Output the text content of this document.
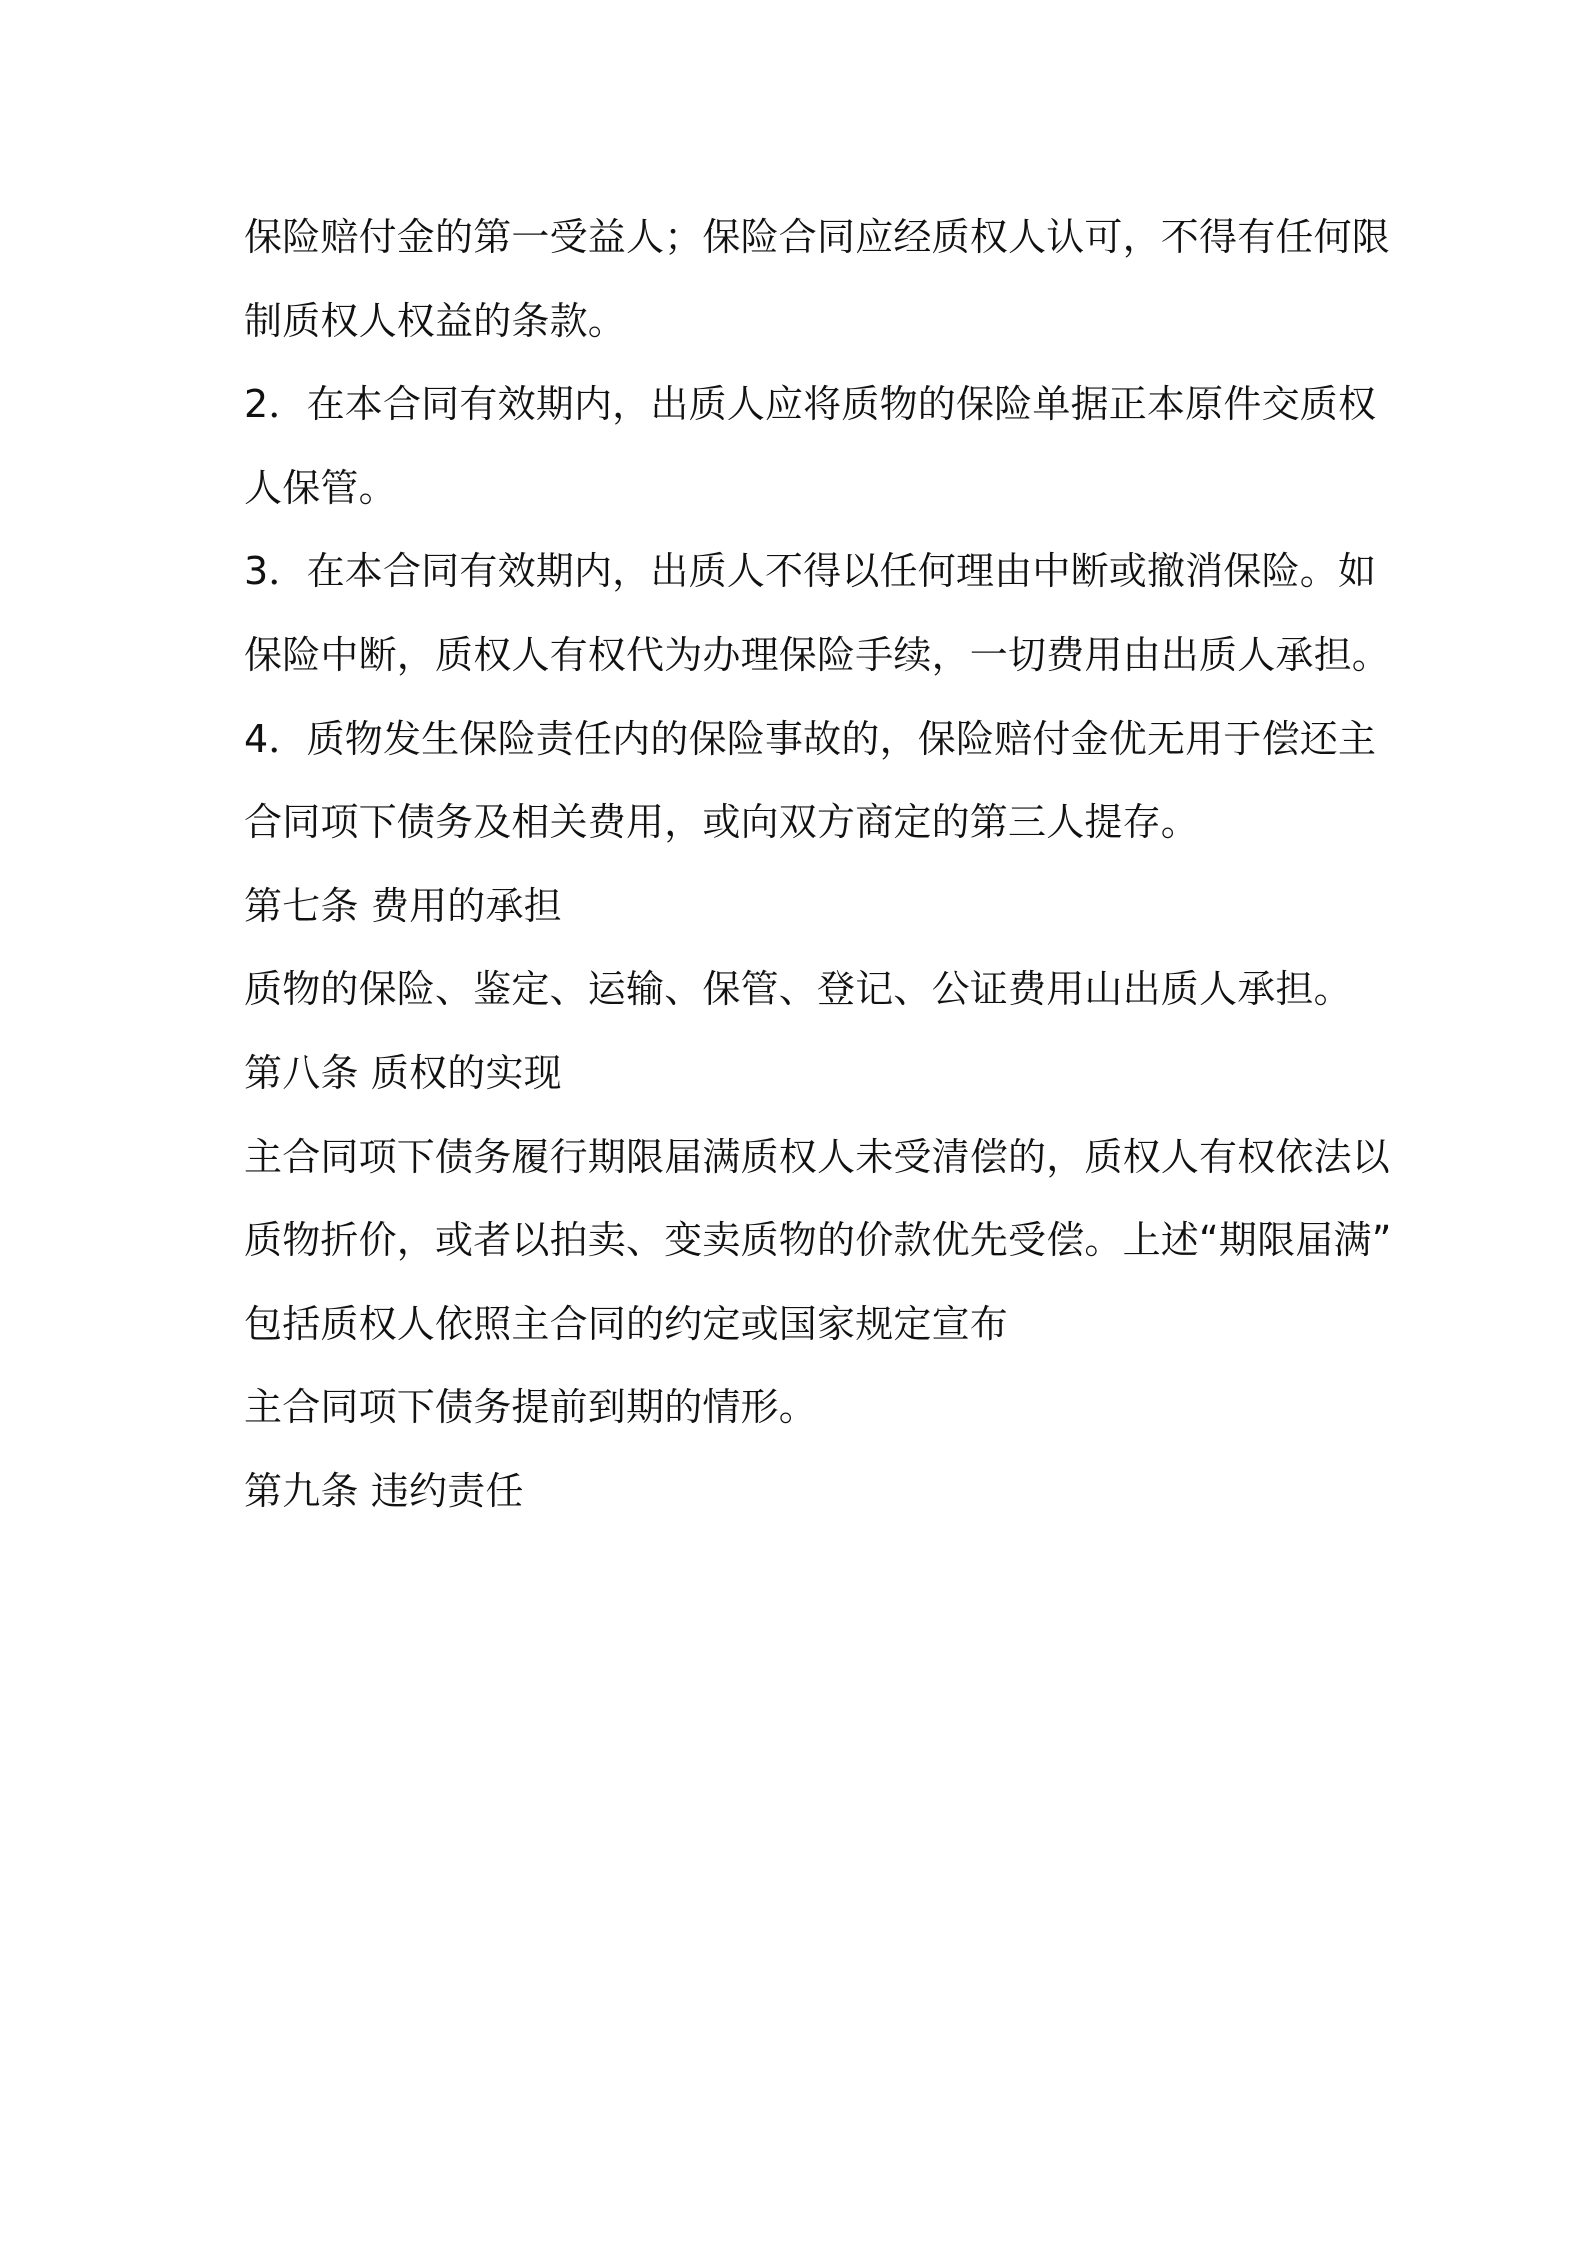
保险赔付金的第一受益人；保险合同应经质权人认可，不得有任何限
制质权人权益的条款。
2．在本合同有效期内，出质人应将质物的保险单据正本原件交质权
人保管。
3．在本合同有效期内，出质人不得以任何理由中断或撤消保险。如
保险中断，质权人有权代为办理保险手续，一切费用由出质人承担。
4．质物发生保险责任内的保险事故的，保险赔付金优无用于偿还主
合同项下债务及相关费用，或向双方商定的第三人提存。
第七条 费用的承担
质物的保险、鉴定、运输、保管、登记、公证费用山出质人承担。
第八条 质权的实现
主合同项下债务履行期限届满质权人未受清偿的，质权人有权依法以
质物折价，或者以拍卖、变卖质物的价款优先受偿。上述“期限届满”
包括质权人依照主合同的约定或国家规定宣布
主合同项下债务提前到期的情形。
第九条 违约责任
